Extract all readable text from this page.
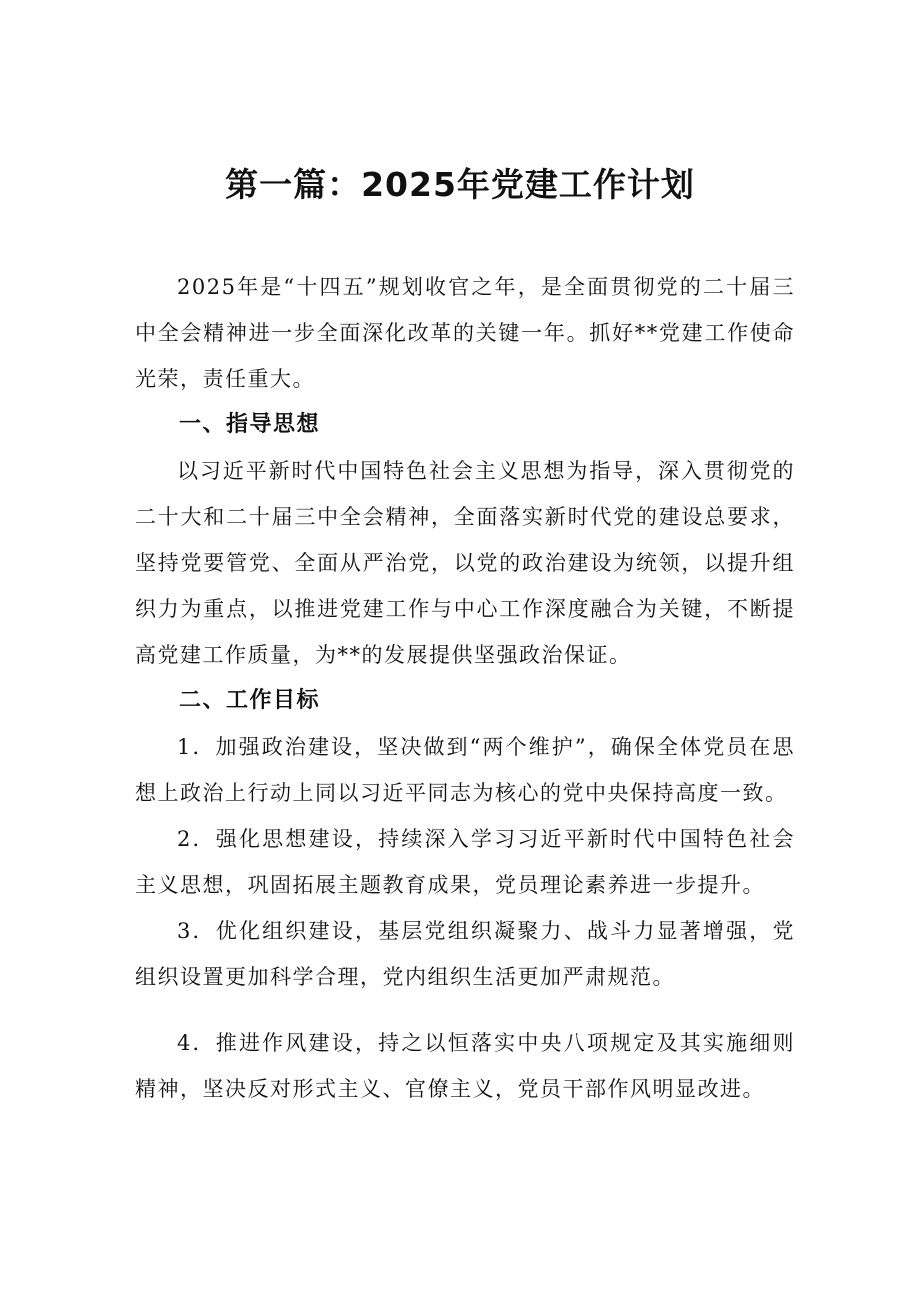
第一篇：2025年党建工作计划

2025年是“十四五”规划收官之年，是全面贯彻党的二十届三中全会精神进一步全面深化改革的关键一年。抓好**党建工作使命光荣，责任重大。

一、指导思想

以习近平新时代中国特色社会主义思想为指导，深入贯彻党的二十大和二十届三中全会精神，全面落实新时代党的建设总要求，坚持党要管党、全面从严治党，以党的政治建设为统领，以提升组织力为重点，以推进党建工作与中心工作深度融合为关键，不断提高党建工作质量，为**的发展提供坚强政治保证。

二、工作目标

1．加强政治建设，坚决做到“两个维护”，确保全体党员在思想上政治上行动上同以习近平同志为核心的党中央保持高度一致。

2．强化思想建设，持续深入学习习近平新时代中国特色社会主义思想，巩固拓展主题教育成果，党员理论素养进一步提升。

3．优化组织建设，基层党组织凝聚力、战斗力显著增强，党组织设置更加科学合理，党内组织生活更加严肃规范。

4．推进作风建设，持之以恒落实中央八项规定及其实施细则精神，坚决反对形式主义、官僚主义，党员干部作风明显改进。
